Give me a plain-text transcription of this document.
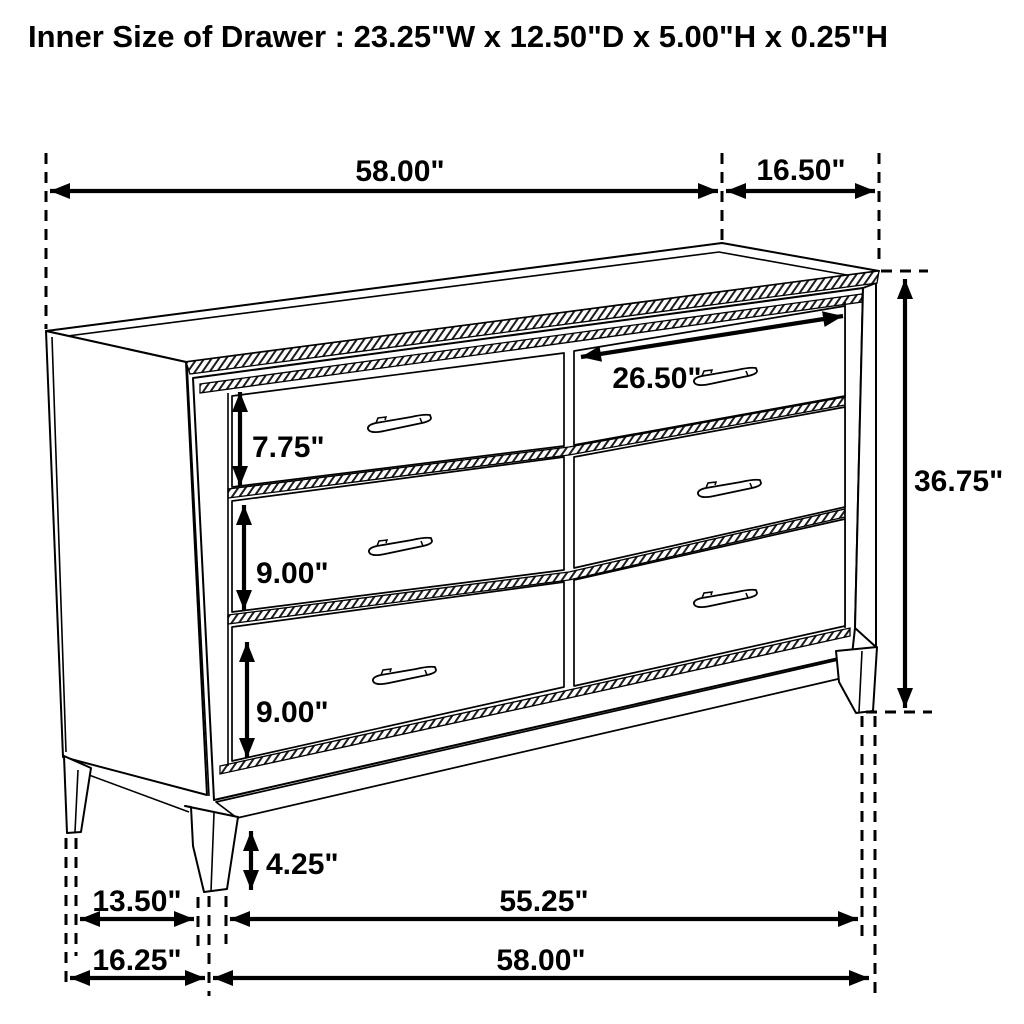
58.00"	16.50"
26.50"
7.75"
9.00"
9.00"
36.75"
4.25"
13.50"	55.25"
16.25"	58.00"
Inner Size of Drawer : 23.25"W x 12.50"D x 5.00"H x 0.25"H
